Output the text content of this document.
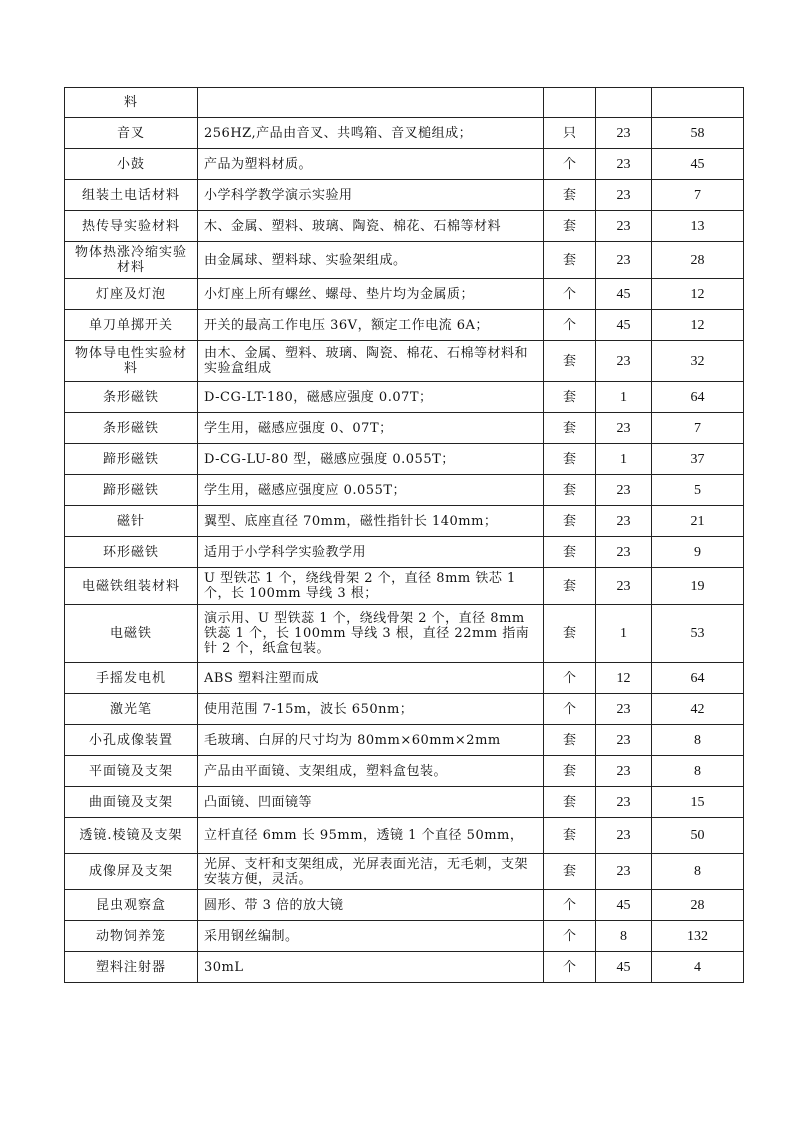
料				
音叉	256HZ,产品由音叉、共鸣箱、音叉槌组成；	只	23	58
小鼓	产品为塑料材质。	个	23	45
组装土电话材料	小学科学教学演示实验用	套	23	7
热传导实验材料	木、金属、塑料、玻璃、陶瓷、棉花、石棉等材料	套	23	13
物体热涨冷缩实验材料	由金属球、塑料球、实验架组成。	套	23	28
灯座及灯泡	小灯座上所有螺丝、螺母、垫片均为金属质；	个	45	12
单刀单掷开关	开关的最高工作电压 36V，额定工作电流 6A；	个	45	12
物体导电性实验材料	由木、金属、塑料、玻璃、陶瓷、棉花、石棉等材料和实验盒组成	套	23	32
条形磁铁	D-CG-LT-180，磁感应强度 0.07T；	套	1	64
条形磁铁	学生用，磁感应强度 0、07T；	套	23	7
蹄形磁铁	D-CG-LU-80 型，磁感应强度 0.055T；	套	1	37
蹄形磁铁	学生用，磁感应强度应 0.055T；	套	23	5
磁针	翼型、底座直径 70mm，磁性指针长 140mm；	套	23	21
环形磁铁	适用于小学科学实验教学用	套	23	9
电磁铁组装材料	U 型铁芯 1 个，绕线骨架 2 个，直径 8mm 铁芯 1 个，长 100mm 导线 3 根；	套	23	19
电磁铁	演示用、U 型铁蕊 1 个，绕线骨架 2 个，直径 8mm 铁蕊 1 个，长 100mm 导线 3 根，直径 22mm 指南针 2 个，纸盒包装。	套	1	53
手摇发电机	ABS 塑料注塑而成	个	12	64
激光笔	使用范围 7-15m，波长 650nm；	个	23	42
小孔成像装置	毛玻璃、白屏的尺寸均为 80mm×60mm×2mm	套	23	8
平面镜及支架	产品由平面镜、支架组成，塑料盒包装。	套	23	8
曲面镜及支架	凸面镜、凹面镜等	套	23	15
透镜.棱镜及支架	立杆直径 6mm 长 95mm，透镜 1 个直径 50mm，	套	23	50
成像屏及支架	光屏、支杆和支架组成，光屏表面光洁，无毛刺，支架安装方便，灵活。	套	23	8
昆虫观察盒	圆形、带 3 倍的放大镜	个	45	28
动物饲养笼	采用钢丝编制。	个	8	132
塑料注射器	30mL	个	45	4
